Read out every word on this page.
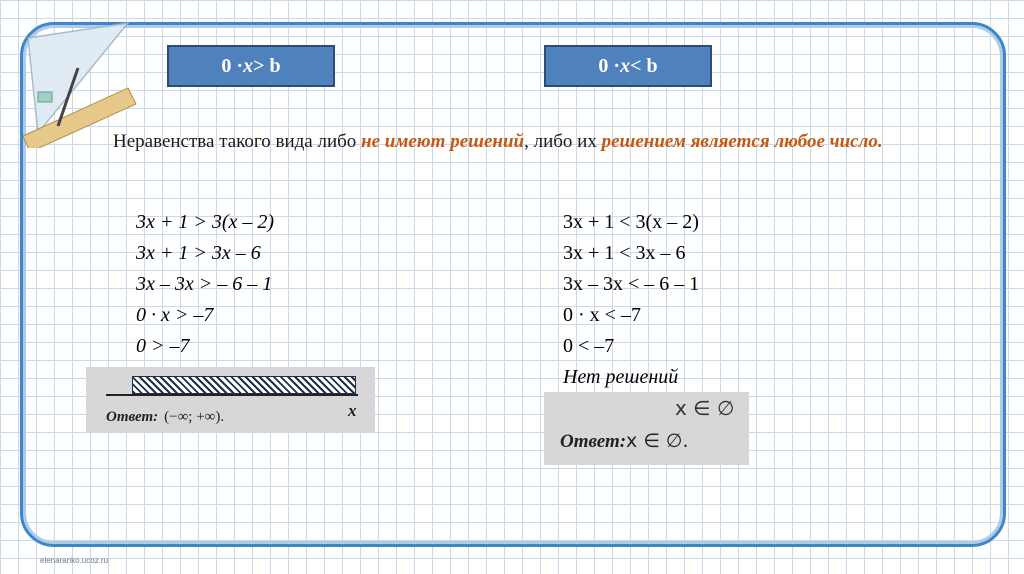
0 · x > b	0 · x < b
Неравенства такого вида либо не имеют решений, либо их решением является любое число.
3x + 1 > 3(x – 2)
3x + 1 > 3x – 6
3x – 3x > – 6 – 1
0 · x > –7
0 > –7
3x + 1 < 3(x – 2)
3x + 1 < 3x – 6
3x – 3x < – 6 – 1
0 · x < –7
0 < –7
Нет решений
x
Ответ: (−∞; +∞).	x ∈ ∅
Ответ:x ∈ ∅.
elenaranko.ucoz.ru
